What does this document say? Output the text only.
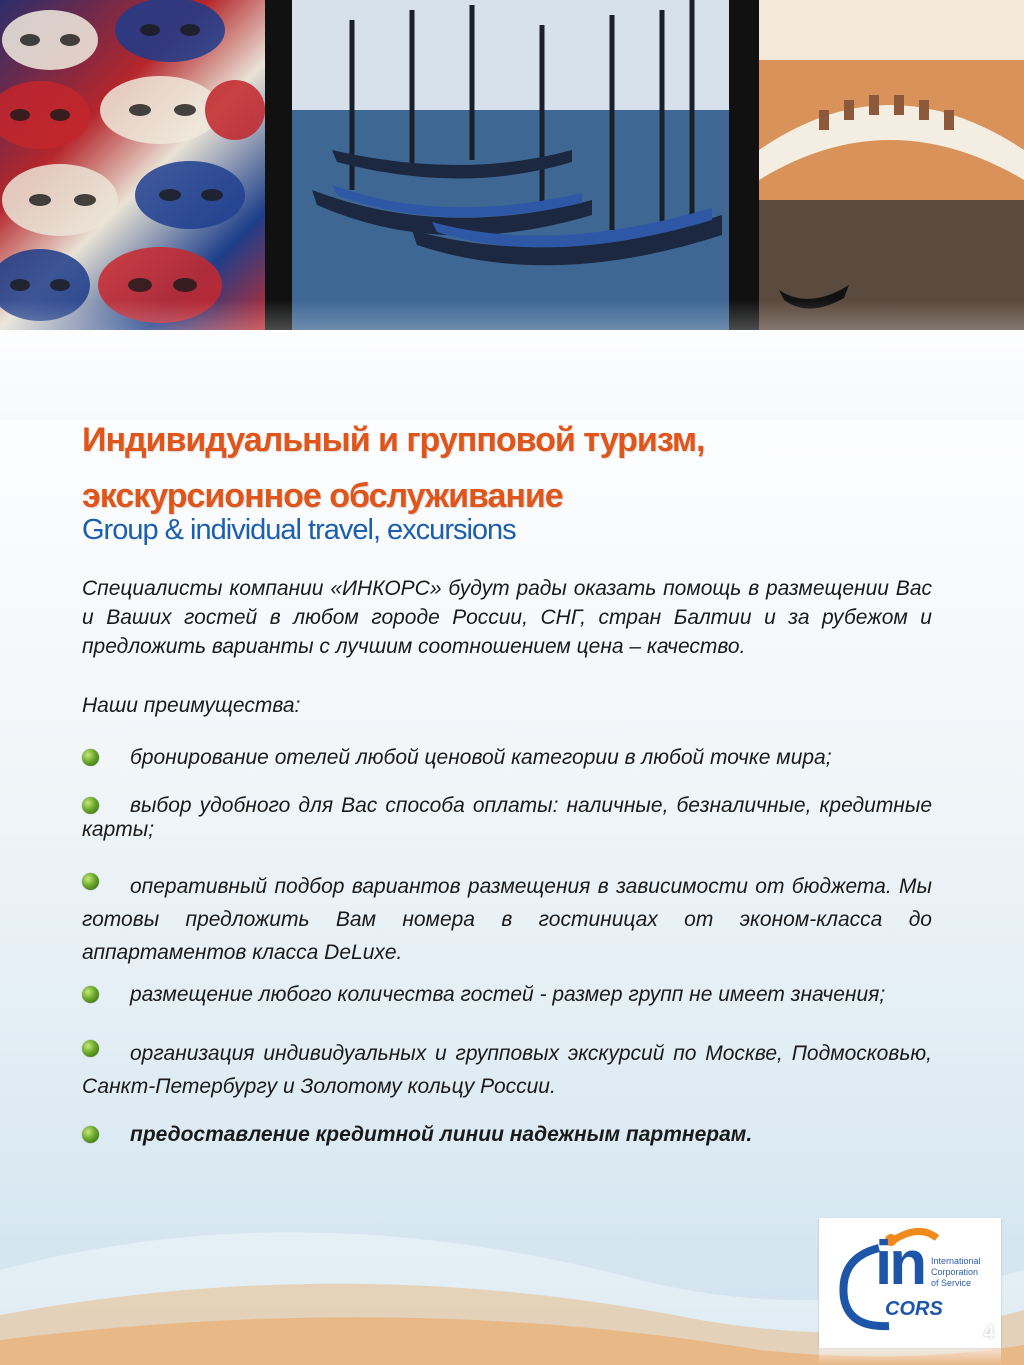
Индивидуальный и групповой туризм,
экскурсионное обслуживание
Group & individual travel, excursions

Специалисты компании «ИНКОРС» будут рады оказать помощь в размещении Вас и Ваших гостей в любом городе России, СНГ, стран Балтии и за рубежом и предложить варианты с лучшим соотношением цена – качество.

Наши преимущества:

бронирование отелей любой ценовой категории в любой точке мира;
выбор удобного для Вас способа оплаты: наличные, безналичные, кредитные карты;
оперативный подбор вариантов размещения в зависимости от бюджета. Мы готовы предложить Вам номера в гостиницах от эконом-класса до аппартаментов класса DeLuxe.
размещение любого количества гостей - размер групп не имеет значения;
организация индивидуальных и групповых экскурсий по Москве, Подмосковью, Санкт-Петербургу и Золотому кольцу России.
предоставление кредитной линии надежным партнерам.
in International
Corporation
of Service
CORS
4
